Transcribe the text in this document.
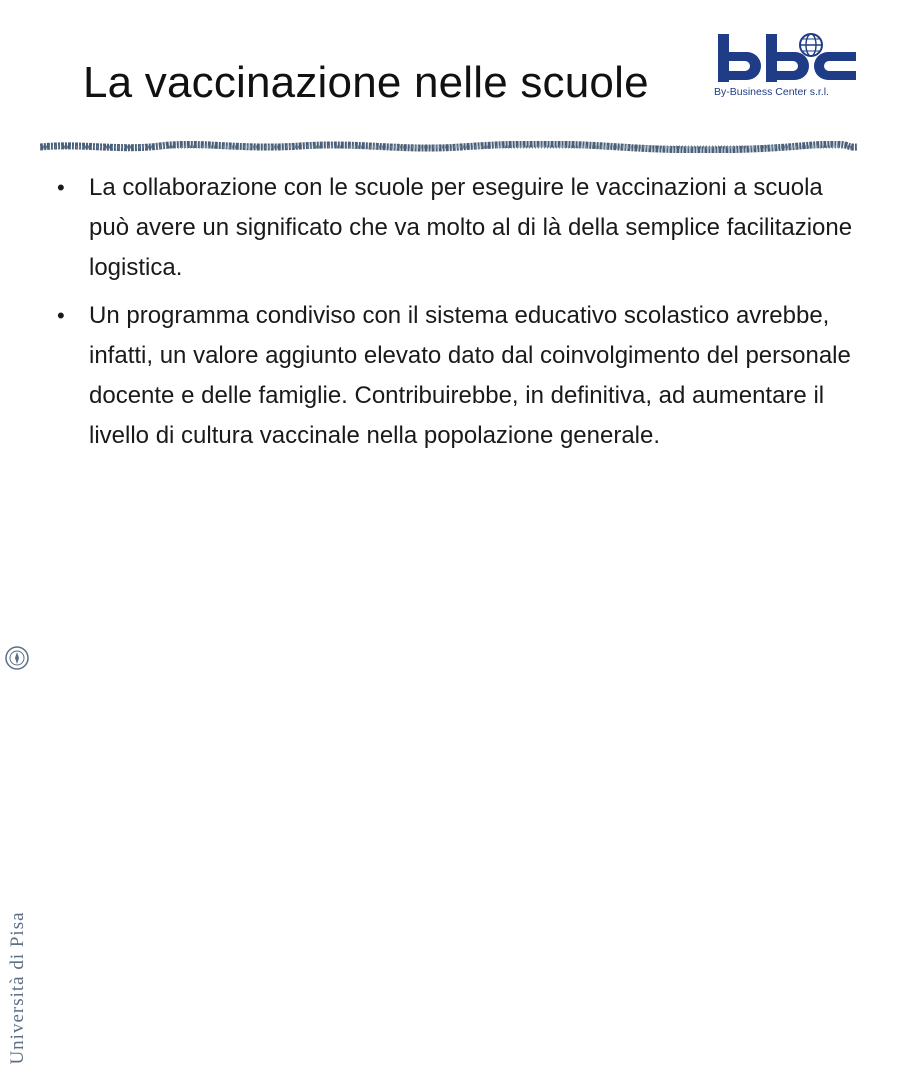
La vaccinazione nelle scuole	By-Business Center s.r.l.
• La collaborazione con le scuole per eseguire le vaccinazioni a scuola può avere un significato che va molto al di là della semplice facilitazione logistica.
• Un programma condiviso con il sistema educativo scolastico avrebbe, infatti, un valore aggiunto elevato dato dal coinvolgimento del personale docente e delle famiglie. Contribuirebbe, in definitiva, ad aumentare il livello di cultura vaccinale nella popolazione generale.
Università di Pisa
